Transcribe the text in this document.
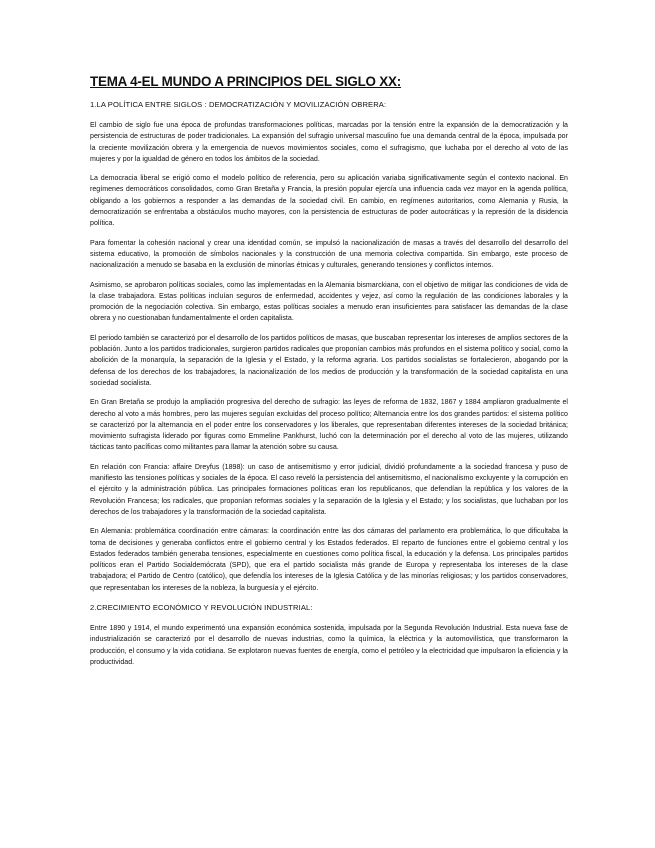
TEMA 4-EL MUNDO A PRINCIPIOS DEL SIGLO XX:
1.LA POLÍTICA ENTRE SIGLOS : DEMOCRATIZACIÓN Y MOVILIZACIÓN OBRERA:

El cambio de siglo fue una época de profundas transformaciones políticas, marcadas por la tensión entre la expansión de la democratización y la persistencia de estructuras de poder tradicionales. La expansión del sufragio universal masculino fue una demanda central de la época, impulsada por la creciente movilización obrera y la emergencia de nuevos movimientos sociales, como el sufragismo, que luchaba por el derecho al voto de las mujeres y por la igualdad de género en todos los ámbitos de la sociedad.

La democracia liberal se erigió como el modelo político de referencia, pero su aplicación variaba significativamente según el contexto nacional. En regímenes democráticos consolidados, como Gran Bretaña y Francia, la presión popular ejercía una influencia cada vez mayor en la agenda política, obligando a los gobiernos a responder a las demandas de la sociedad civil. En cambio, en regímenes autoritarios, como Alemania y Rusia, la democratización se enfrentaba a obstáculos mucho mayores, con la persistencia de estructuras de poder autocráticas y la represión de la disidencia política.

Para fomentar la cohesión nacional y crear una identidad común, se impulsó la nacionalización de masas a través del desarrollo del desarrollo del sistema educativo, la promoción de símbolos nacionales y la construcción de una memoria colectiva compartida. Sin embargo, este proceso de nacionalización a menudo se basaba en la exclusión de minorías étnicas y culturales, generando tensiones y conflictos internos.

Asimismo, se aprobaron políticas sociales, como las implementadas en la Alemania bismarckiana, con el objetivo de mitigar las condiciones de vida de la clase trabajadora. Estas políticas incluían seguros de enfermedad, accidentes y vejez, así como la regulación de las condiciones laborales y la promoción de la negociación colectiva. Sin embargo, estas políticas sociales a menudo eran insuficientes para satisfacer las demandas de la clase obrera y no cuestionaban fundamentalmente el orden capitalista.

El periodo también se caracterizó por el desarrollo de los partidos políticos de masas, que buscaban representar los intereses de amplios sectores de la población. Junto a los partidos tradicionales, surgieron partidos radicales que proponían cambios más profundos en el sistema político y social, como la abolición de la monarquía, la separación de la Iglesia y el Estado, y la reforma agraria. Los partidos socialistas se fortalecieron, abogando por la defensa de los derechos de los trabajadores, la nacionalización de los medios de producción y la transformación de la sociedad capitalista en una sociedad socialista.

En Gran Bretaña se produjo la ampliación progresiva del derecho de sufragio: las leyes de reforma de 1832, 1867 y 1884 ampliaron gradualmente el derecho al voto a más hombres, pero las mujeres seguían excluidas del proceso político; Alternancia entre los dos grandes partidos: el sistema político se caracterizó por la alternancia en el poder entre los conservadores y los liberales, que representaban diferentes intereses de la sociedad británica; movimiento sufragista liderado por figuras como Emmeline Pankhurst, luchó con la determinación por el derecho al voto de las mujeres, utilizando tácticas tanto pacíficas como militantes para llamar la atención sobre su causa.

En relación con Francia: affaire Dreyfus (1898): un caso de antisemitismo y error judicial, dividió profundamente a la sociedad francesa y puso de manifiesto las tensiones políticas y sociales de la época. El caso reveló la persistencia del antisemitismo, el nacionalismo excluyente y la corrupción en el ejército y la administración pública. Las principales formaciones políticas eran los republicanos, que defendían la república y los valores de la Revolución Francesa; los radicales, que proponían reformas sociales y la separación de la Iglesia y el Estado; y los socialistas, que luchaban por los derechos de los trabajadores y la transformación de la sociedad capitalista.

En Alemania: problemática coordinación entre cámaras: la coordinación entre las dos cámaras del parlamento era problemática, lo que dificultaba la toma de decisiones y generaba conflictos entre el gobierno central y los Estados federados. El reparto de funciones entre el gobierno central y los Estados federados también generaba tensiones, especialmente en cuestiones como política fiscal, la educación y la defensa. Los principales partidos políticos eran el Partido Socialdemócrata (SPD), que era el partido socialista más grande de Europa y representaba los intereses de la clase trabajadora; el Partido de Centro (católico), que defendía los intereses de la Iglesia Católica y de las minorías religiosas; y los partidos conservadores, que representaban los intereses de la nobleza, la burguesía y el ejército.

2.CRECIMIENTO ECONÓMICO Y REVOLUCIÓN INDUSTRIAL:

Entre 1890 y 1914, el mundo experimentó una expansión económica sostenida, impulsada por la Segunda Revolución Industrial. Esta nueva fase de industrialización se caracterizó por el desarrollo de nuevas industrias, como la química, la eléctrica y la automovilística, que transformaron la producción, el consumo y la vida cotidiana. Se explotaron nuevas fuentes de energía, como el petróleo y la electricidad que impulsaron la eficiencia y la productividad.
